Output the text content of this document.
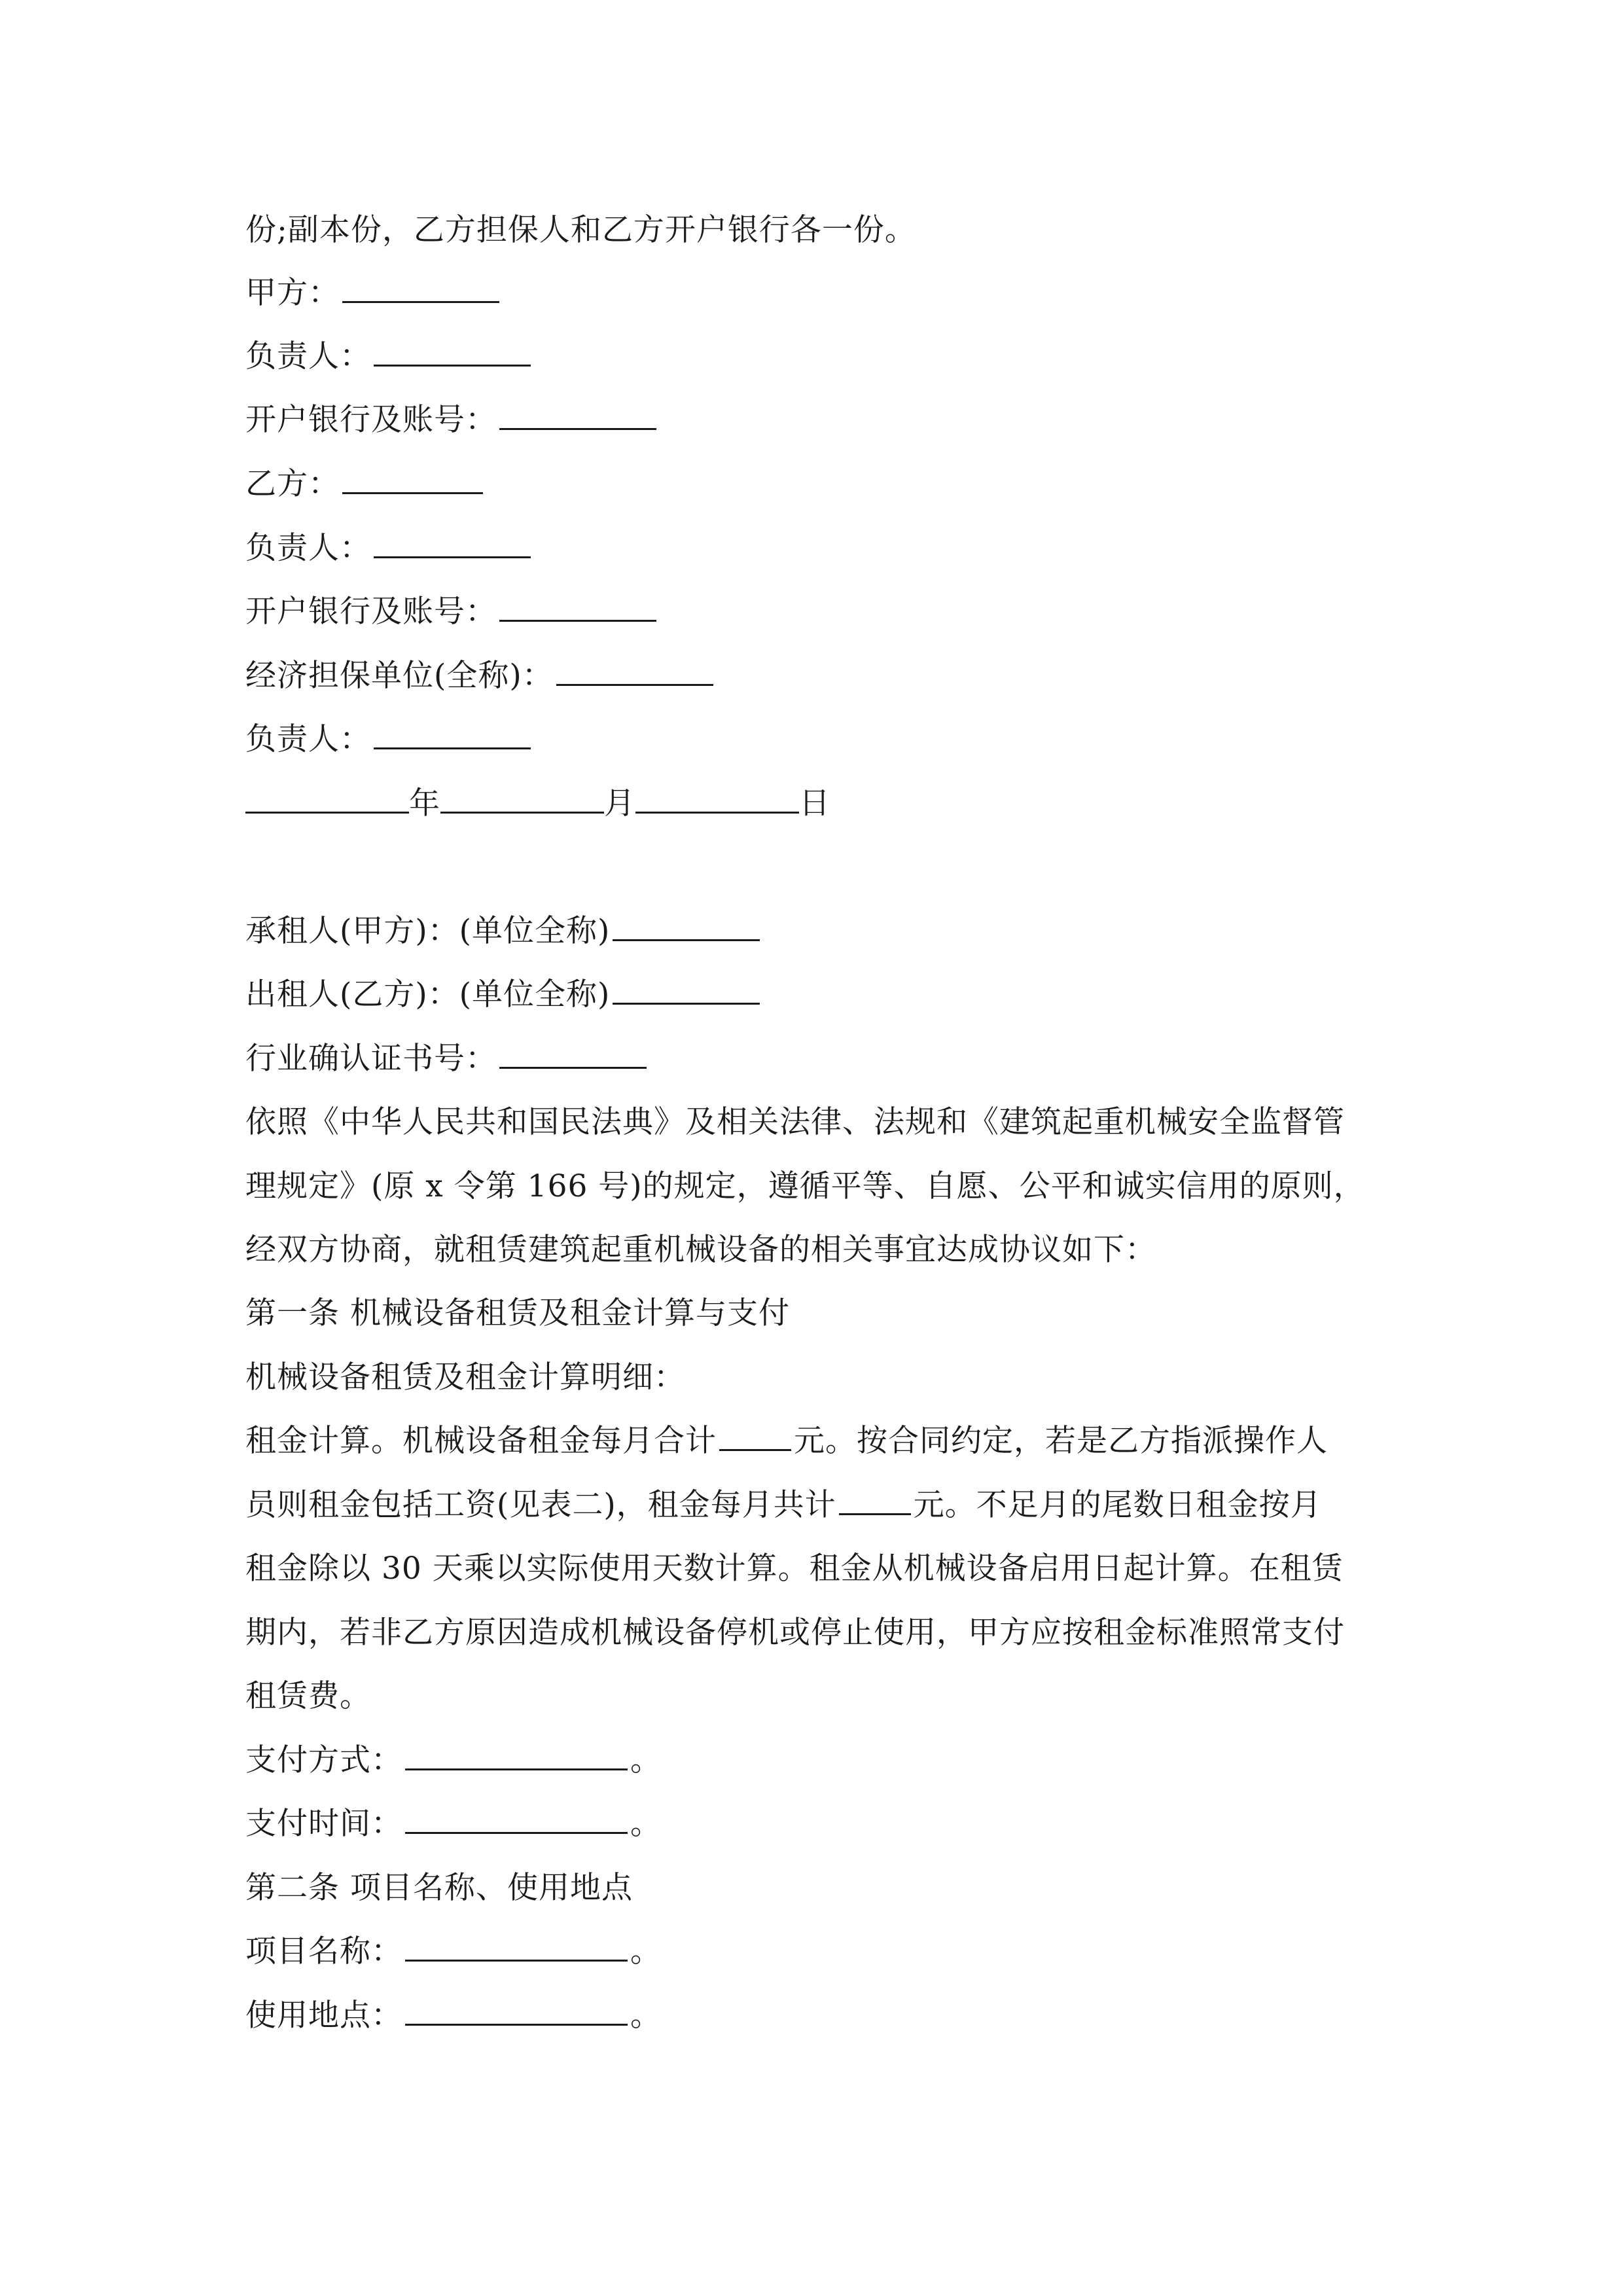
份;副本份，乙方担保人和乙方开户银行各一份。
甲方：
负责人：
开户银行及账号：
乙方：
负责人：
开户银行及账号：
经济担保单位(全称)：
负责人：
年	月	日
承租人(甲方)：(单位全称)
出租人(乙方)：(单位全称)
行业确认证书号：
依照《中华人民共和国民法典》及相关法律、法规和《建筑起重机械安全监督管
理规定》(原 x 令第 166 号)的规定，遵循平等、自愿、公平和诚实信用的原则，
经双方协商，就租赁建筑起重机械设备的相关事宜达成协议如下：
第一条 机械设备租赁及租金计算与支付
机械设备租赁及租金计算明细：
租金计算。机械设备租金每月合计	元。按合同约定，若是乙方指派操作人
员则租金包括工资(见表二)，租金每月共计	元。不足月的尾数日租金按月
租金除以 30 天乘以实际使用天数计算。租金从机械设备启用日起计算。在租赁
期内，若非乙方原因造成机械设备停机或停止使用，甲方应按租金标准照常支付
租赁费。
支付方式：	。
支付时间：	。
第二条 项目名称、使用地点
项目名称：	。
使用地点：	。
